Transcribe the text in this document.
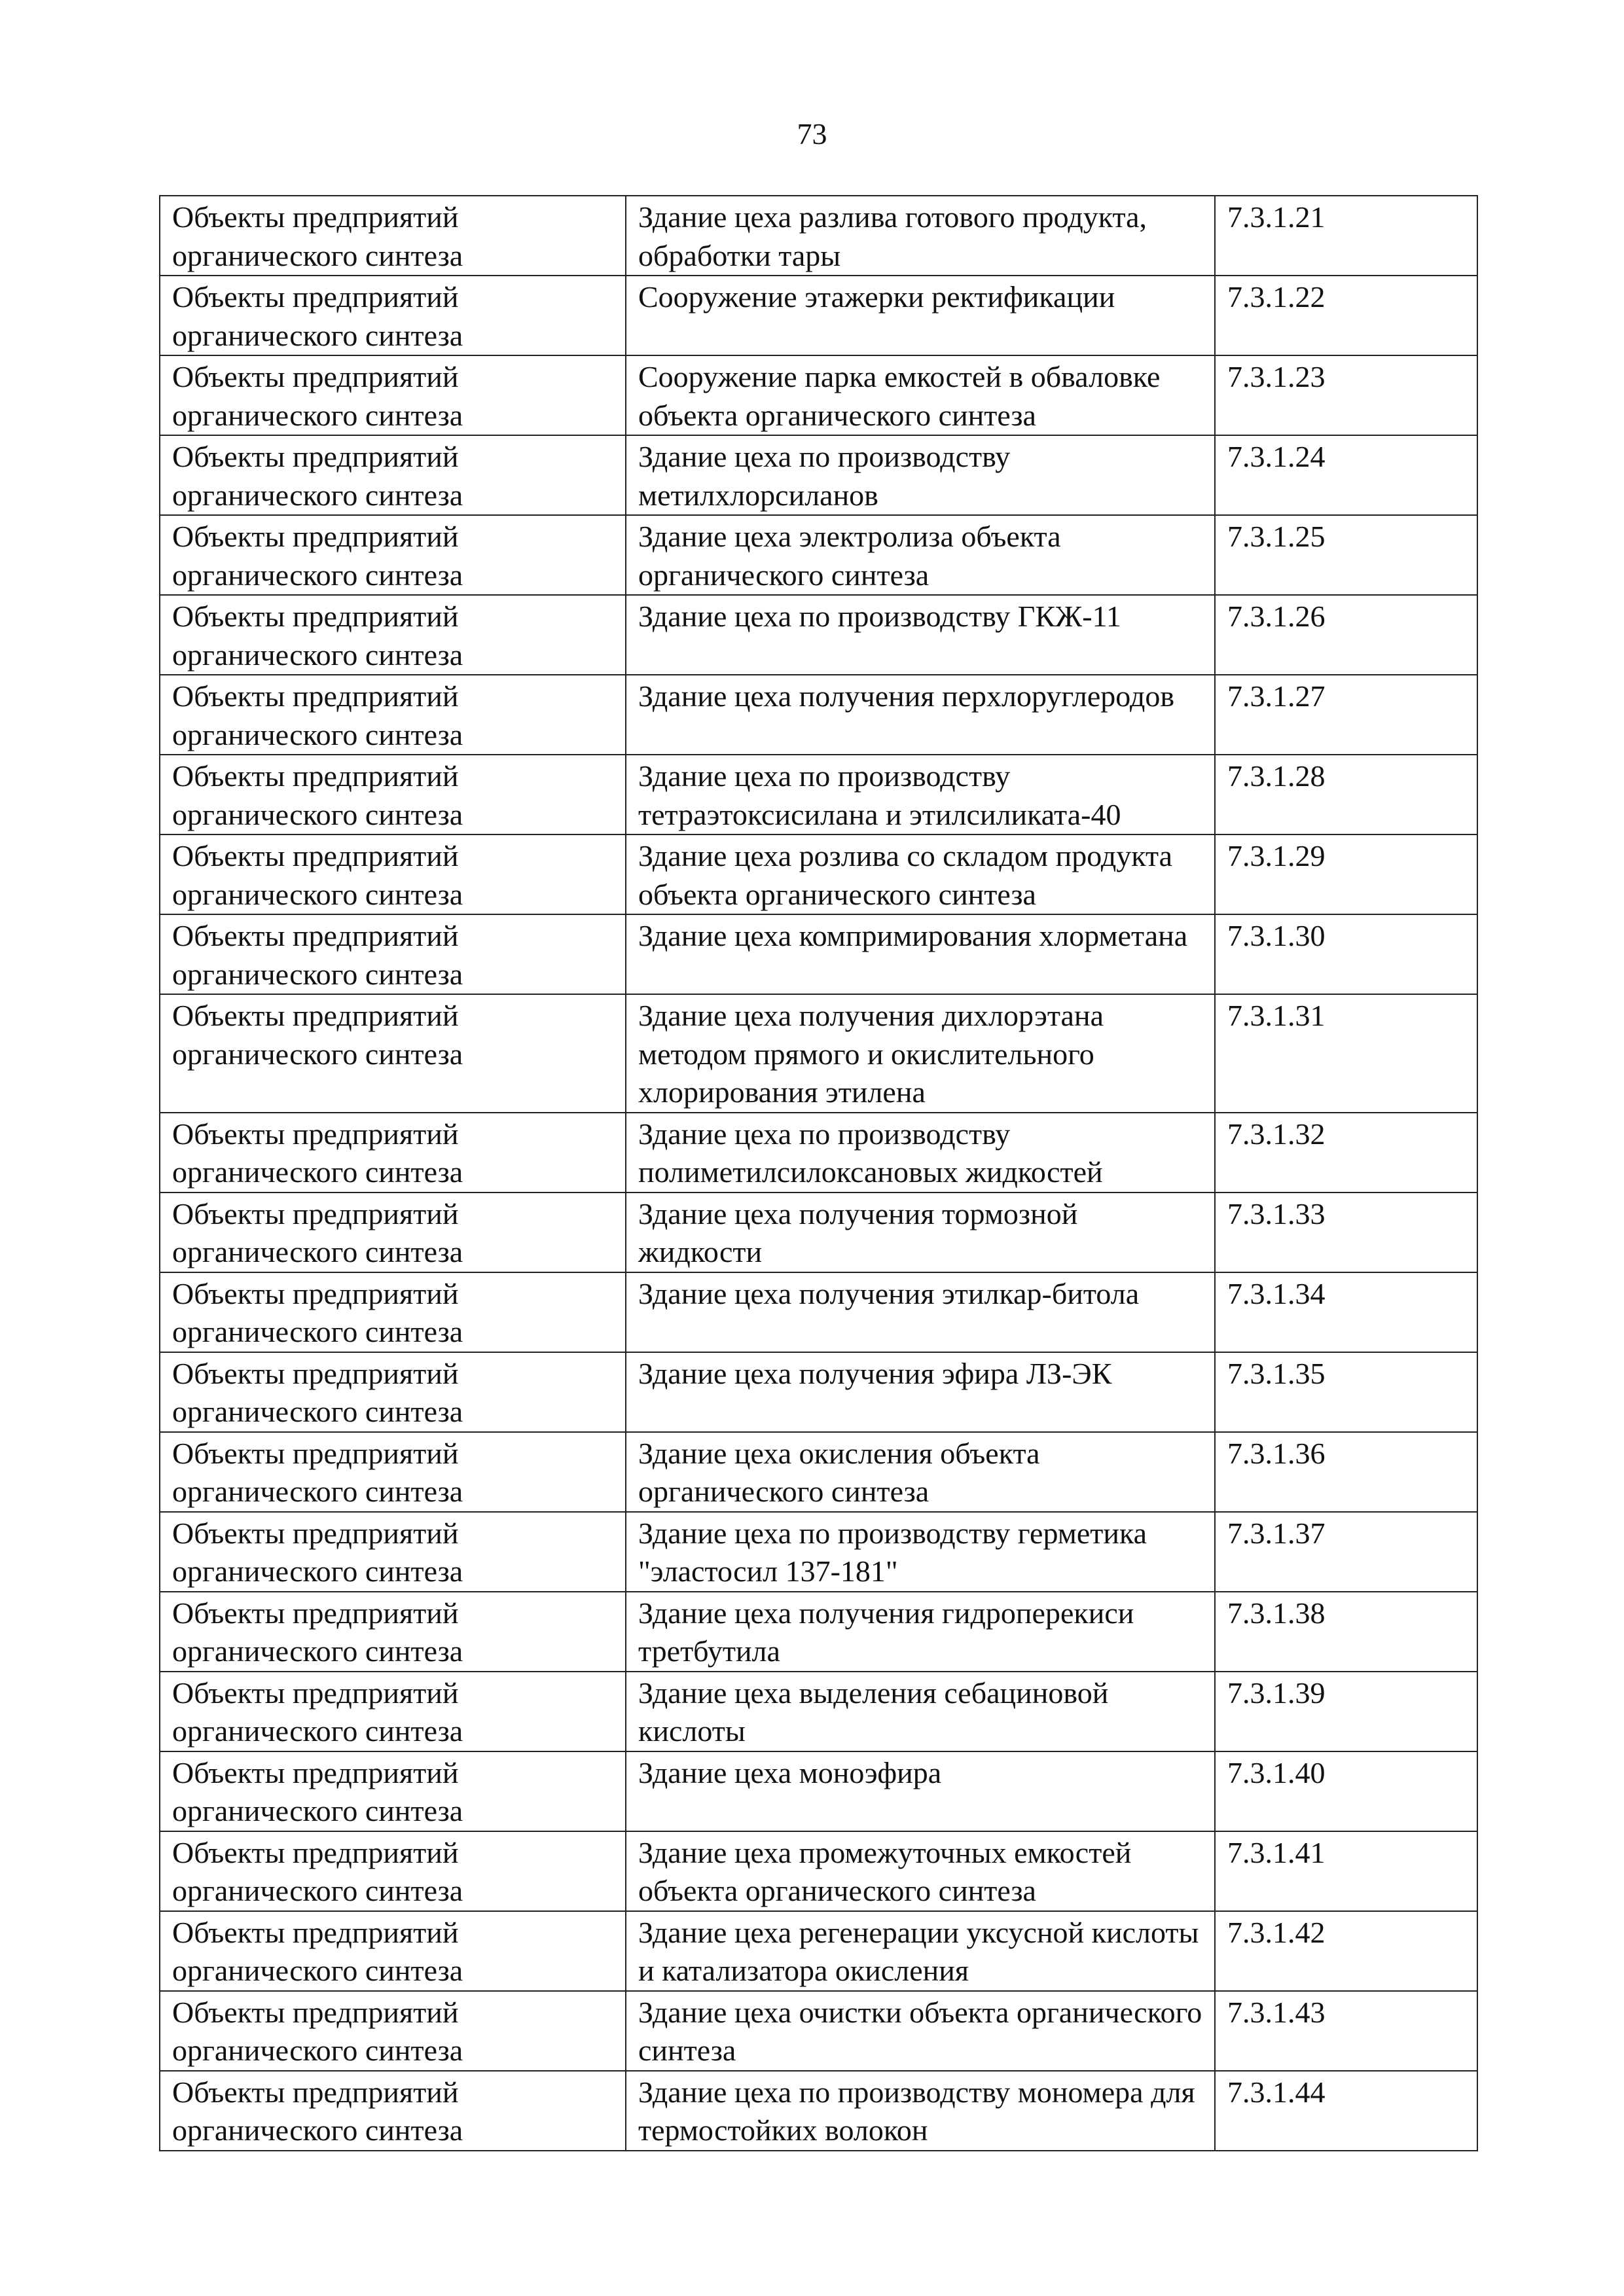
73
Объекты предприятий органического синтеза	Здание цеха разлива готового продукта, обработки тары	7.3.1.21
Объекты предприятий органического синтеза	Сооружение этажерки ректификации	7.3.1.22
Объекты предприятий органического синтеза	Сооружение парка емкостей в обваловке объекта органического синтеза	7.3.1.23
Объекты предприятий органического синтеза	Здание цеха по производству метилхлорсиланов	7.3.1.24
Объекты предприятий органического синтеза	Здание цеха электролиза объекта органического синтеза	7.3.1.25
Объекты предприятий органического синтеза	Здание цеха по производству ГКЖ-11	7.3.1.26
Объекты предприятий органического синтеза	Здание цеха получения перхлоруглеродов	7.3.1.27
Объекты предприятий органического синтеза	Здание цеха по производству тетраэтоксисилана и этилсиликата-40	7.3.1.28
Объекты предприятий органического синтеза	Здание цеха розлива со складом продукта объекта органического синтеза	7.3.1.29
Объекты предприятий органического синтеза	Здание цеха компримирования хлорметана	7.3.1.30
Объекты предприятий органического синтеза	Здание цеха получения дихлорэтана методом прямого и окислительного хлорирования этилена	7.3.1.31
Объекты предприятий органического синтеза	Здание цеха по производству полиметилсилоксановых жидкостей	7.3.1.32
Объекты предприятий органического синтеза	Здание цеха получения тормозной жидкости	7.3.1.33
Объекты предприятий органического синтеза	Здание цеха получения этилкар-битола	7.3.1.34
Объекты предприятий органического синтеза	Здание цеха получения эфира ЛЗ-ЭК	7.3.1.35
Объекты предприятий органического синтеза	Здание цеха окисления объекта органического синтеза	7.3.1.36
Объекты предприятий органического синтеза	Здание цеха по производству герметика "эластосил 137-181"	7.3.1.37
Объекты предприятий органического синтеза	Здание цеха получения гидроперекиси третбутила	7.3.1.38
Объекты предприятий органического синтеза	Здание цеха выделения себациновой кислоты	7.3.1.39
Объекты предприятий органического синтеза	Здание цеха моноэфира	7.3.1.40
Объекты предприятий органического синтеза	Здание цеха промежуточных емкостей объекта органического синтеза	7.3.1.41
Объекты предприятий органического синтеза	Здание цеха регенерации уксусной кислоты и катализатора окисления	7.3.1.42
Объекты предприятий органического синтеза	Здание цеха очистки объекта органического синтеза	7.3.1.43
Объекты предприятий органического синтеза	Здание цеха по производству мономера для термостойких волокон	7.3.1.44
